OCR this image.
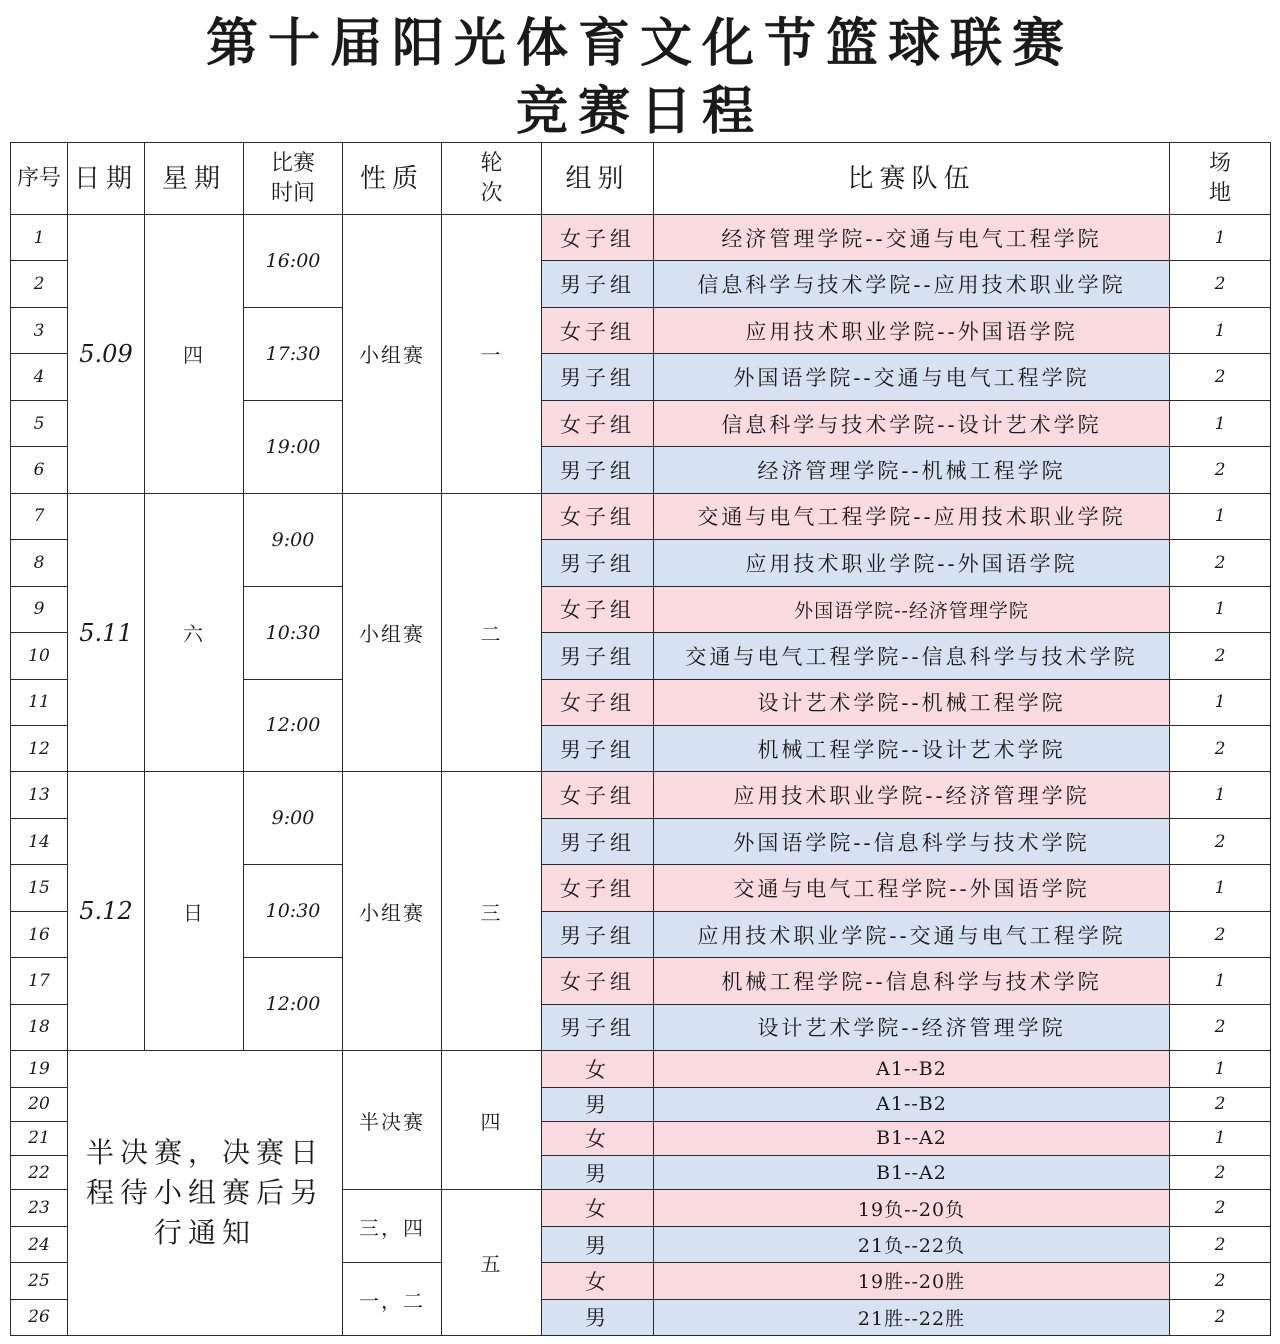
第十届阳光体育文化节篮球联赛
竞赛日程
序号	日期	星期	比赛时间	性质	轮次	组别	比赛队伍	场地
1	5.09	四	16:00	小组赛	一	女子组	经济管理学院--交通与电气工程学院	1
2						男子组	信息科学与技术学院--应用技术职业学院	2
3			17:30			女子组	应用技术职业学院--外国语学院	1
4						男子组	外国语学院--交通与电气工程学院	2
5			19:00			女子组	信息科学与技术学院--设计艺术学院	1
6						男子组	经济管理学院--机械工程学院	2
7	5.11	六	9:00	小组赛	二	女子组	交通与电气工程学院--应用技术职业学院	1
8						男子组	应用技术职业学院--外国语学院	2
9			10:30			女子组	外国语学院--经济管理学院	1
10						男子组	交通与电气工程学院--信息科学与技术学院	2
11			12:00			女子组	设计艺术学院--机械工程学院	1
12						男子组	机械工程学院--设计艺术学院	2
13	5.12	日	9:00	小组赛	三	女子组	应用技术职业学院--经济管理学院	1
14						男子组	外国语学院--信息科学与技术学院	2
15			10:30			女子组	交通与电气工程学院--外国语学院	1
16						男子组	应用技术职业学院--交通与电气工程学院	2
17			12:00			女子组	机械工程学院--信息科学与技术学院	1
18						男子组	设计艺术学院--经济管理学院	2
19	半决赛，决赛日程待小组赛后另行通知			半决赛	四	女	A1--B2	1
20						男	A1--B2	2
21						女	B1--A2	1
22						男	B1--A2	2
23				三，四	五	女	19负--20负	2
24						男	21负--22负	2
25				一，二		女	19胜--20胜	2
26						男	21胜--22胜	2
